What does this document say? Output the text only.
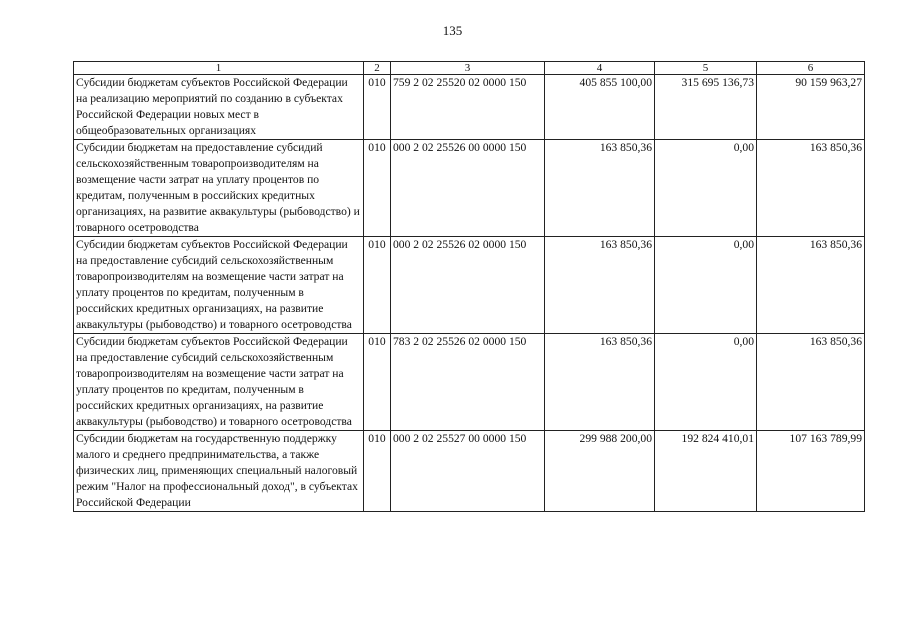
135
1	2	3	4	5	6
Субсидии бюджетам субъектов Российской Федерации на реализацию мероприятий по созданию в субъектах Российской Федерации новых мест в общеобразовательных организациях	010	759 2 02 25520 02 0000 150	405 855 100,00	315 695 136,73	90 159 963,27
Субсидии бюджетам на предоставление субсидий сельскохозяйственным товаропроизводителям на возмещение части затрат на уплату процентов по кредитам, полученным в российских кредитных организациях, на развитие аквакультуры (рыбоводство) и товарного осетроводства	010	000 2 02 25526 00 0000 150	163 850,36	0,00	163 850,36
Субсидии бюджетам субъектов Российской Федерации на предоставление субсидий сельскохозяйственным товаропроизводителям на возмещение части затрат на уплату процентов по кредитам, полученным в российских кредитных организациях, на развитие аквакультуры (рыбоводство) и товарного осетроводства	010	000 2 02 25526 02 0000 150	163 850,36	0,00	163 850,36
Субсидии бюджетам субъектов Российской Федерации на предоставление субсидий сельскохозяйственным товаропроизводителям на возмещение части затрат на уплату процентов по кредитам, полученным в российских кредитных организациях, на развитие аквакультуры (рыбоводство) и товарного осетроводства	010	783 2 02 25526 02 0000 150	163 850,36	0,00	163 850,36
Субсидии бюджетам на государственную поддержку малого и среднего предпринимательства, а также физических лиц, применяющих специальный налоговый режим "Налог на профессиональный доход", в субъектах Российской Федерации	010	000 2 02 25527 00 0000 150	299 988 200,00	192 824 410,01	107 163 789,99
